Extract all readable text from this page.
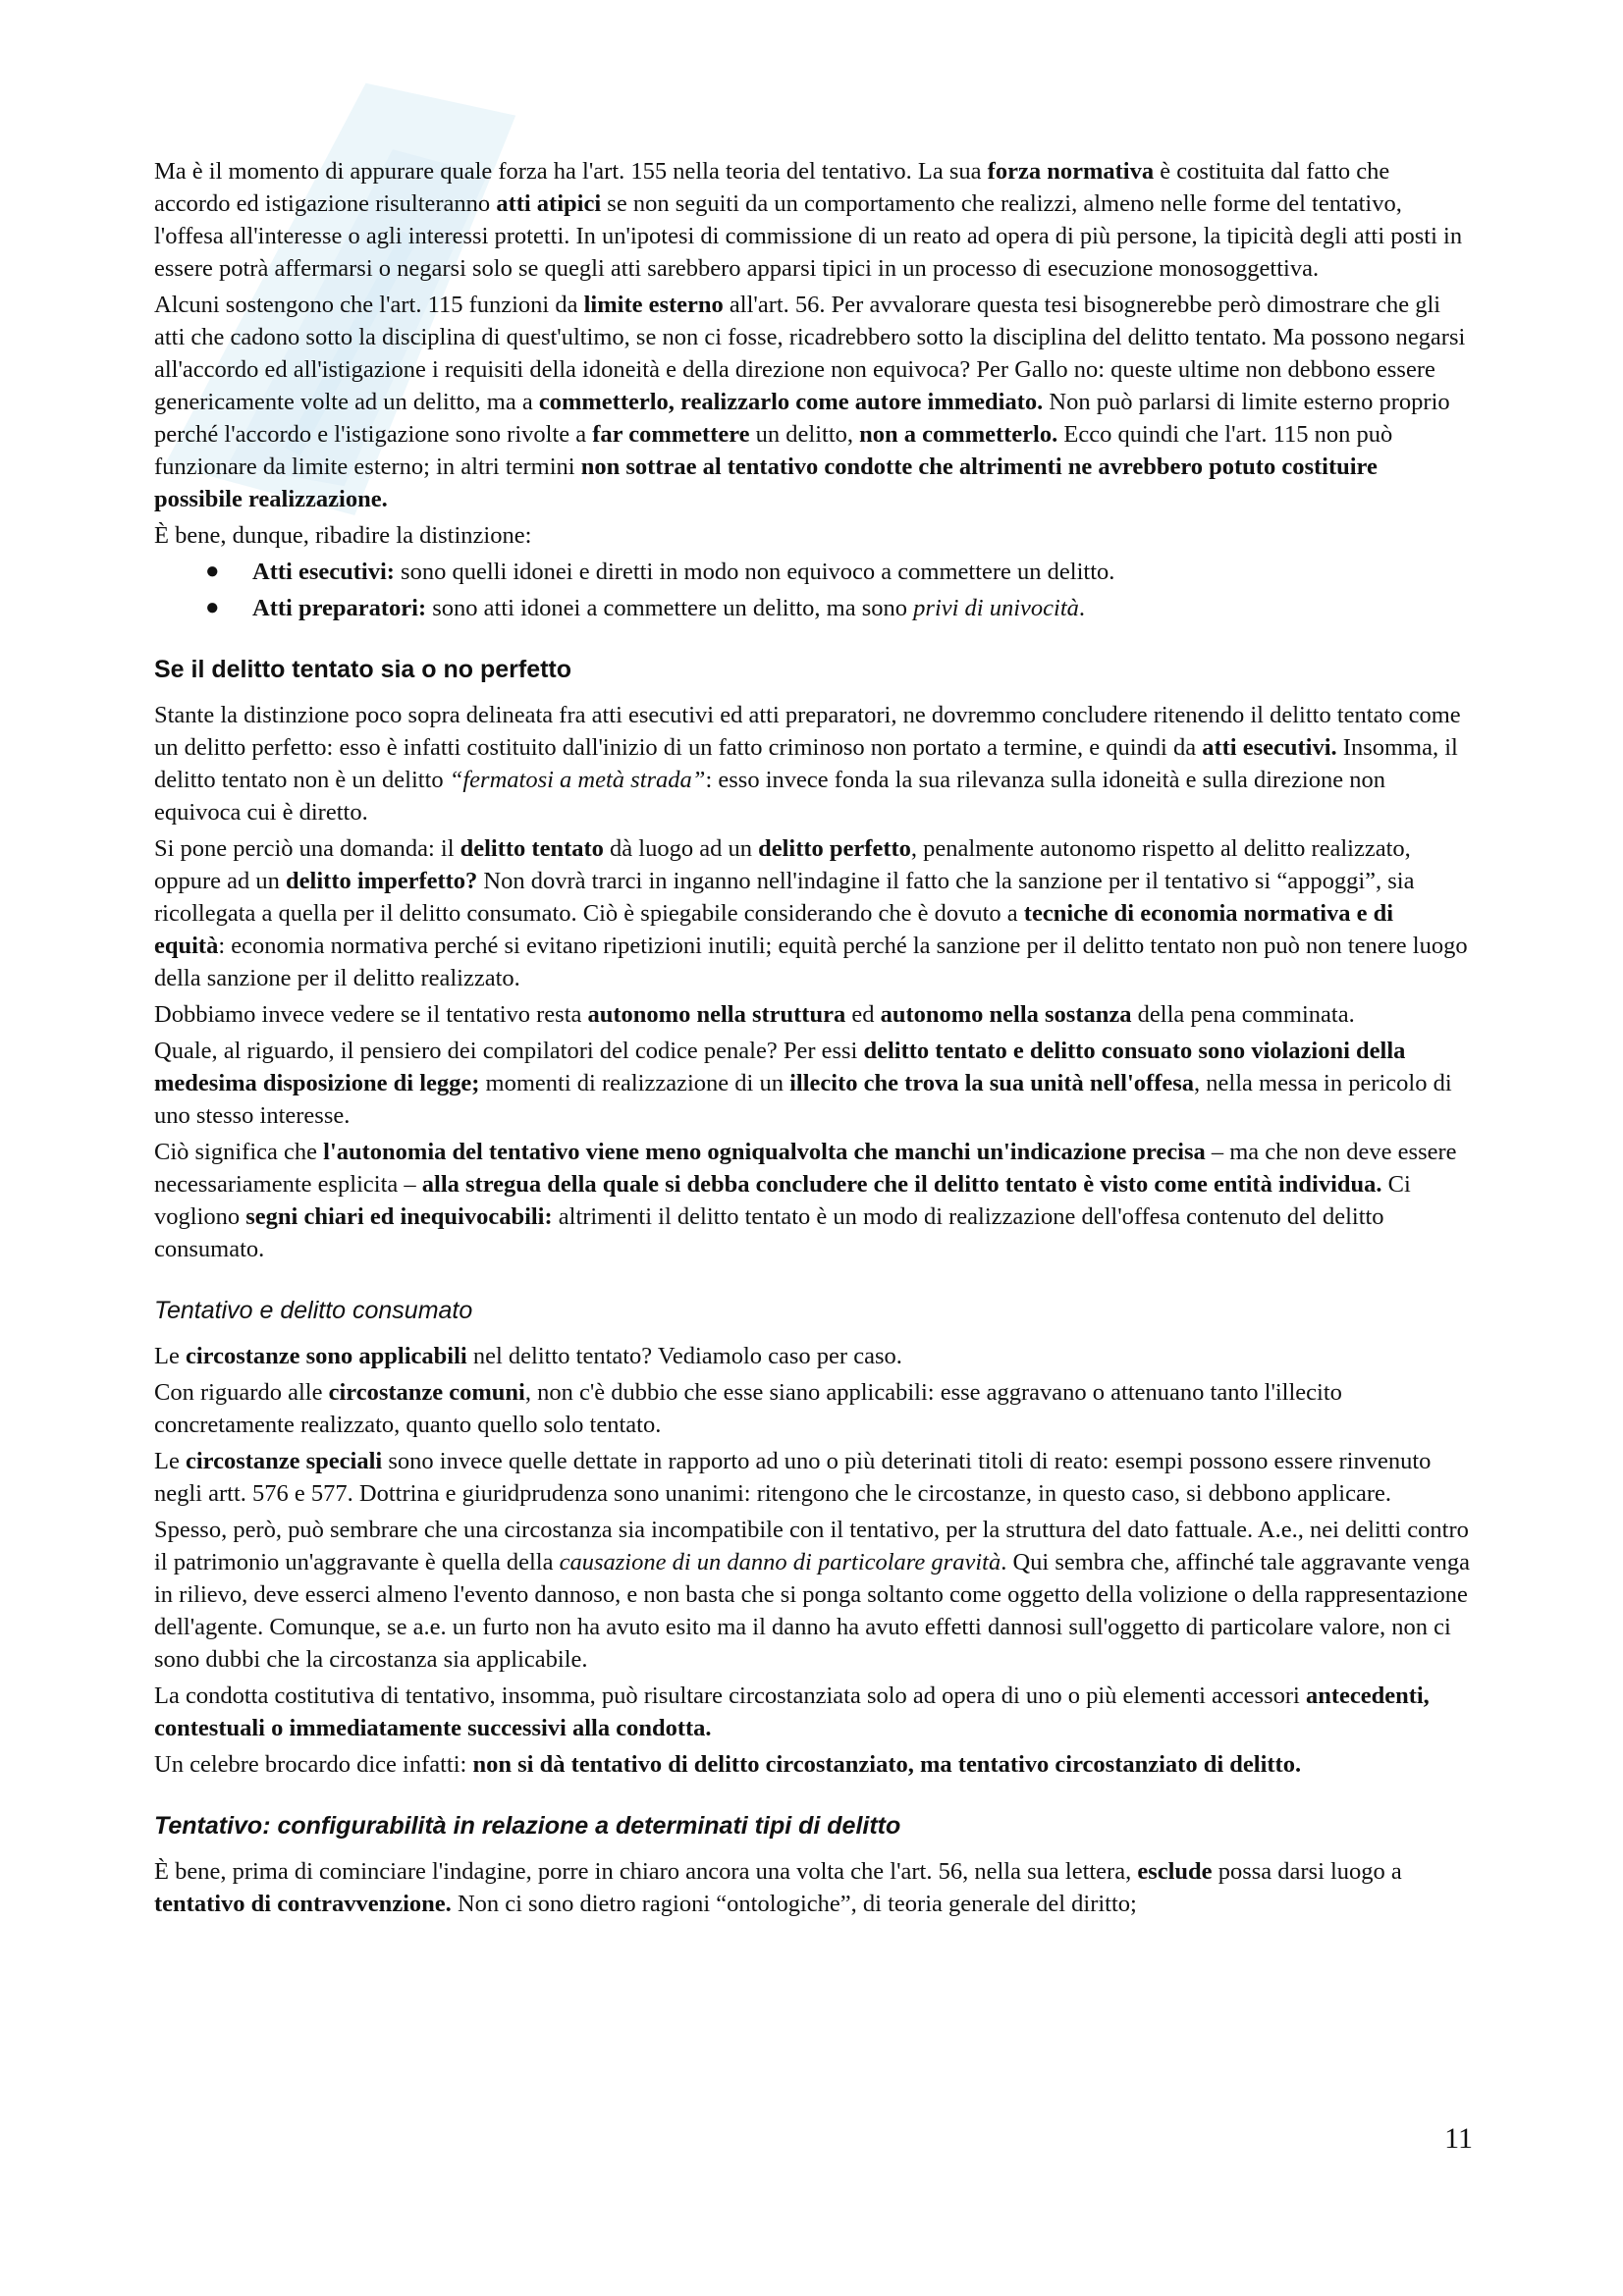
Ma è il momento di appurare quale forza ha l'art. 155 nella teoria del tentativo. La sua forza normativa è costituita dal fatto che accordo ed istigazione risulteranno atti atipici se non seguiti da un comportamento che realizzi, almeno nelle forme del tentativo, l'offesa all'interesse o agli interessi protetti. In un'ipotesi di commissione di un reato ad opera di più persone, la tipicità degli atti posti in essere potrà affermarsi o negarsi solo se quegli atti sarebbero apparsi tipici in un processo di esecuzione monosoggettiva.

Alcuni sostengono che l'art. 115 funzioni da limite esterno all'art. 56. Per avvalorare questa tesi bisognerebbe però dimostrare che gli atti che cadono sotto la disciplina di quest'ultimo, se non ci fosse, ricadrebbero sotto la disciplina del delitto tentato. Ma possono negarsi all'accordo ed all'istigazione i requisiti della idoneità e della direzione non equivoca? Per Gallo no: queste ultime non debbono essere genericamente volte ad un delitto, ma a commetterlo, realizzarlo come autore immediato. Non può parlarsi di limite esterno proprio perché l'accordo e l'istigazione sono rivolte a far commettere un delitto, non a commetterlo. Ecco quindi che l'art. 115 non può funzionare da limite esterno; in altri termini non sottrae al tentativo condotte che altrimenti ne avrebbero potuto costituire possibile realizzazione.

È bene, dunque, ribadire la distinzione:

● Atti esecutivi: sono quelli idonei e diretti in modo non equivoco a commettere un delitto.
● Atti preparatori: sono atti idonei a commettere un delitto, ma sono privi di univocità.
Se il delitto tentato sia o no perfetto

Stante la distinzione poco sopra delineata fra atti esecutivi ed atti preparatori, ne dovremmo concludere ritenendo il delitto tentato come un delitto perfetto: esso è infatti costituito dall'inizio di un fatto criminoso non portato a termine, e quindi da atti esecutivi. Insomma, il delitto tentato non è un delitto “fermatosi a metà strada”: esso invece fonda la sua rilevanza sulla idoneità e sulla direzione non equivoca cui è diretto.

Si pone perciò una domanda: il delitto tentato dà luogo ad un delitto perfetto, penalmente autonomo rispetto al delitto realizzato, oppure ad un delitto imperfetto? Non dovrà trarci in inganno nell'indagine il fatto che la sanzione per il tentativo si “appoggi”, sia ricollegata a quella per il delitto consumato. Ciò è spiegabile considerando che è dovuto a tecniche di economia normativa e di equità: economia normativa perché si evitano ripetizioni inutili; equità perché la sanzione per il delitto tentato non può non tenere luogo della sanzione per il delitto realizzato.

Dobbiamo invece vedere se il tentativo resta autonomo nella struttura ed autonomo nella sostanza della pena comminata.

Quale, al riguardo, il pensiero dei compilatori del codice penale? Per essi delitto tentato e delitto consuato sono violazioni della medesima disposizione di legge; momenti di realizzazione di un illecito che trova la sua unità nell'offesa, nella messa in pericolo di uno stesso interesse.

Ciò significa che l'autonomia del tentativo viene meno ogniqualvolta che manchi un'indicazione precisa – ma che non deve essere necessariamente esplicita – alla stregua della quale si debba concludere che il delitto tentato è visto come entità individua. Ci vogliono segni chiari ed inequivocabili: altrimenti il delitto tentato è un modo di realizzazione dell'offesa contenuto del delitto consumato.

Tentativo e delitto consumato

Le circostanze sono applicabili nel delitto tentato? Vediamolo caso per caso.

Con riguardo alle circostanze comuni, non c'è dubbio che esse siano applicabili: esse aggravano o attenuano tanto l'illecito concretamente realizzato, quanto quello solo tentato.

Le circostanze speciali sono invece quelle dettate in rapporto ad uno o più deterinati titoli di reato: esempi possono essere rinvenuto negli artt. 576 e 577. Dottrina e giuridprudenza sono unanimi: ritengono che le circostanze, in questo caso, si debbono applicare.

Spesso, però, può sembrare che una circostanza sia incompatibile con il tentativo, per la struttura del dato fattuale. A.e., nei delitti contro il patrimonio un'aggravante è quella della causazione di un danno di particolare gravità. Qui sembra che, affinché tale aggravante venga in rilievo, deve esserci almeno l'evento dannoso, e non basta che si ponga soltanto come oggetto della volizione o della rappresentazione dell'agente. Comunque, se a.e. un furto non ha avuto esito ma il danno ha avuto effetti dannosi sull'oggetto di particolare valore, non ci sono dubbi che la circostanza sia applicabile.

La condotta costitutiva di tentativo, insomma, può risultare circostanziata solo ad opera di uno o più elementi accessori antecedenti, contestuali o immediatamente successivi alla condotta.

Un celebre brocardo dice infatti: non si dà tentativo di delitto circostanziato, ma tentativo circostanziato di delitto.

Tentativo: configurabilità in relazione a determinati tipi di delitto

È bene, prima di cominciare l'indagine, porre in chiaro ancora una volta che l'art. 56, nella sua lettera, esclude possa darsi luogo a tentativo di contravvenzione. Non ci sono dietro ragioni “ontologiche”, di teoria generale del diritto;

11
